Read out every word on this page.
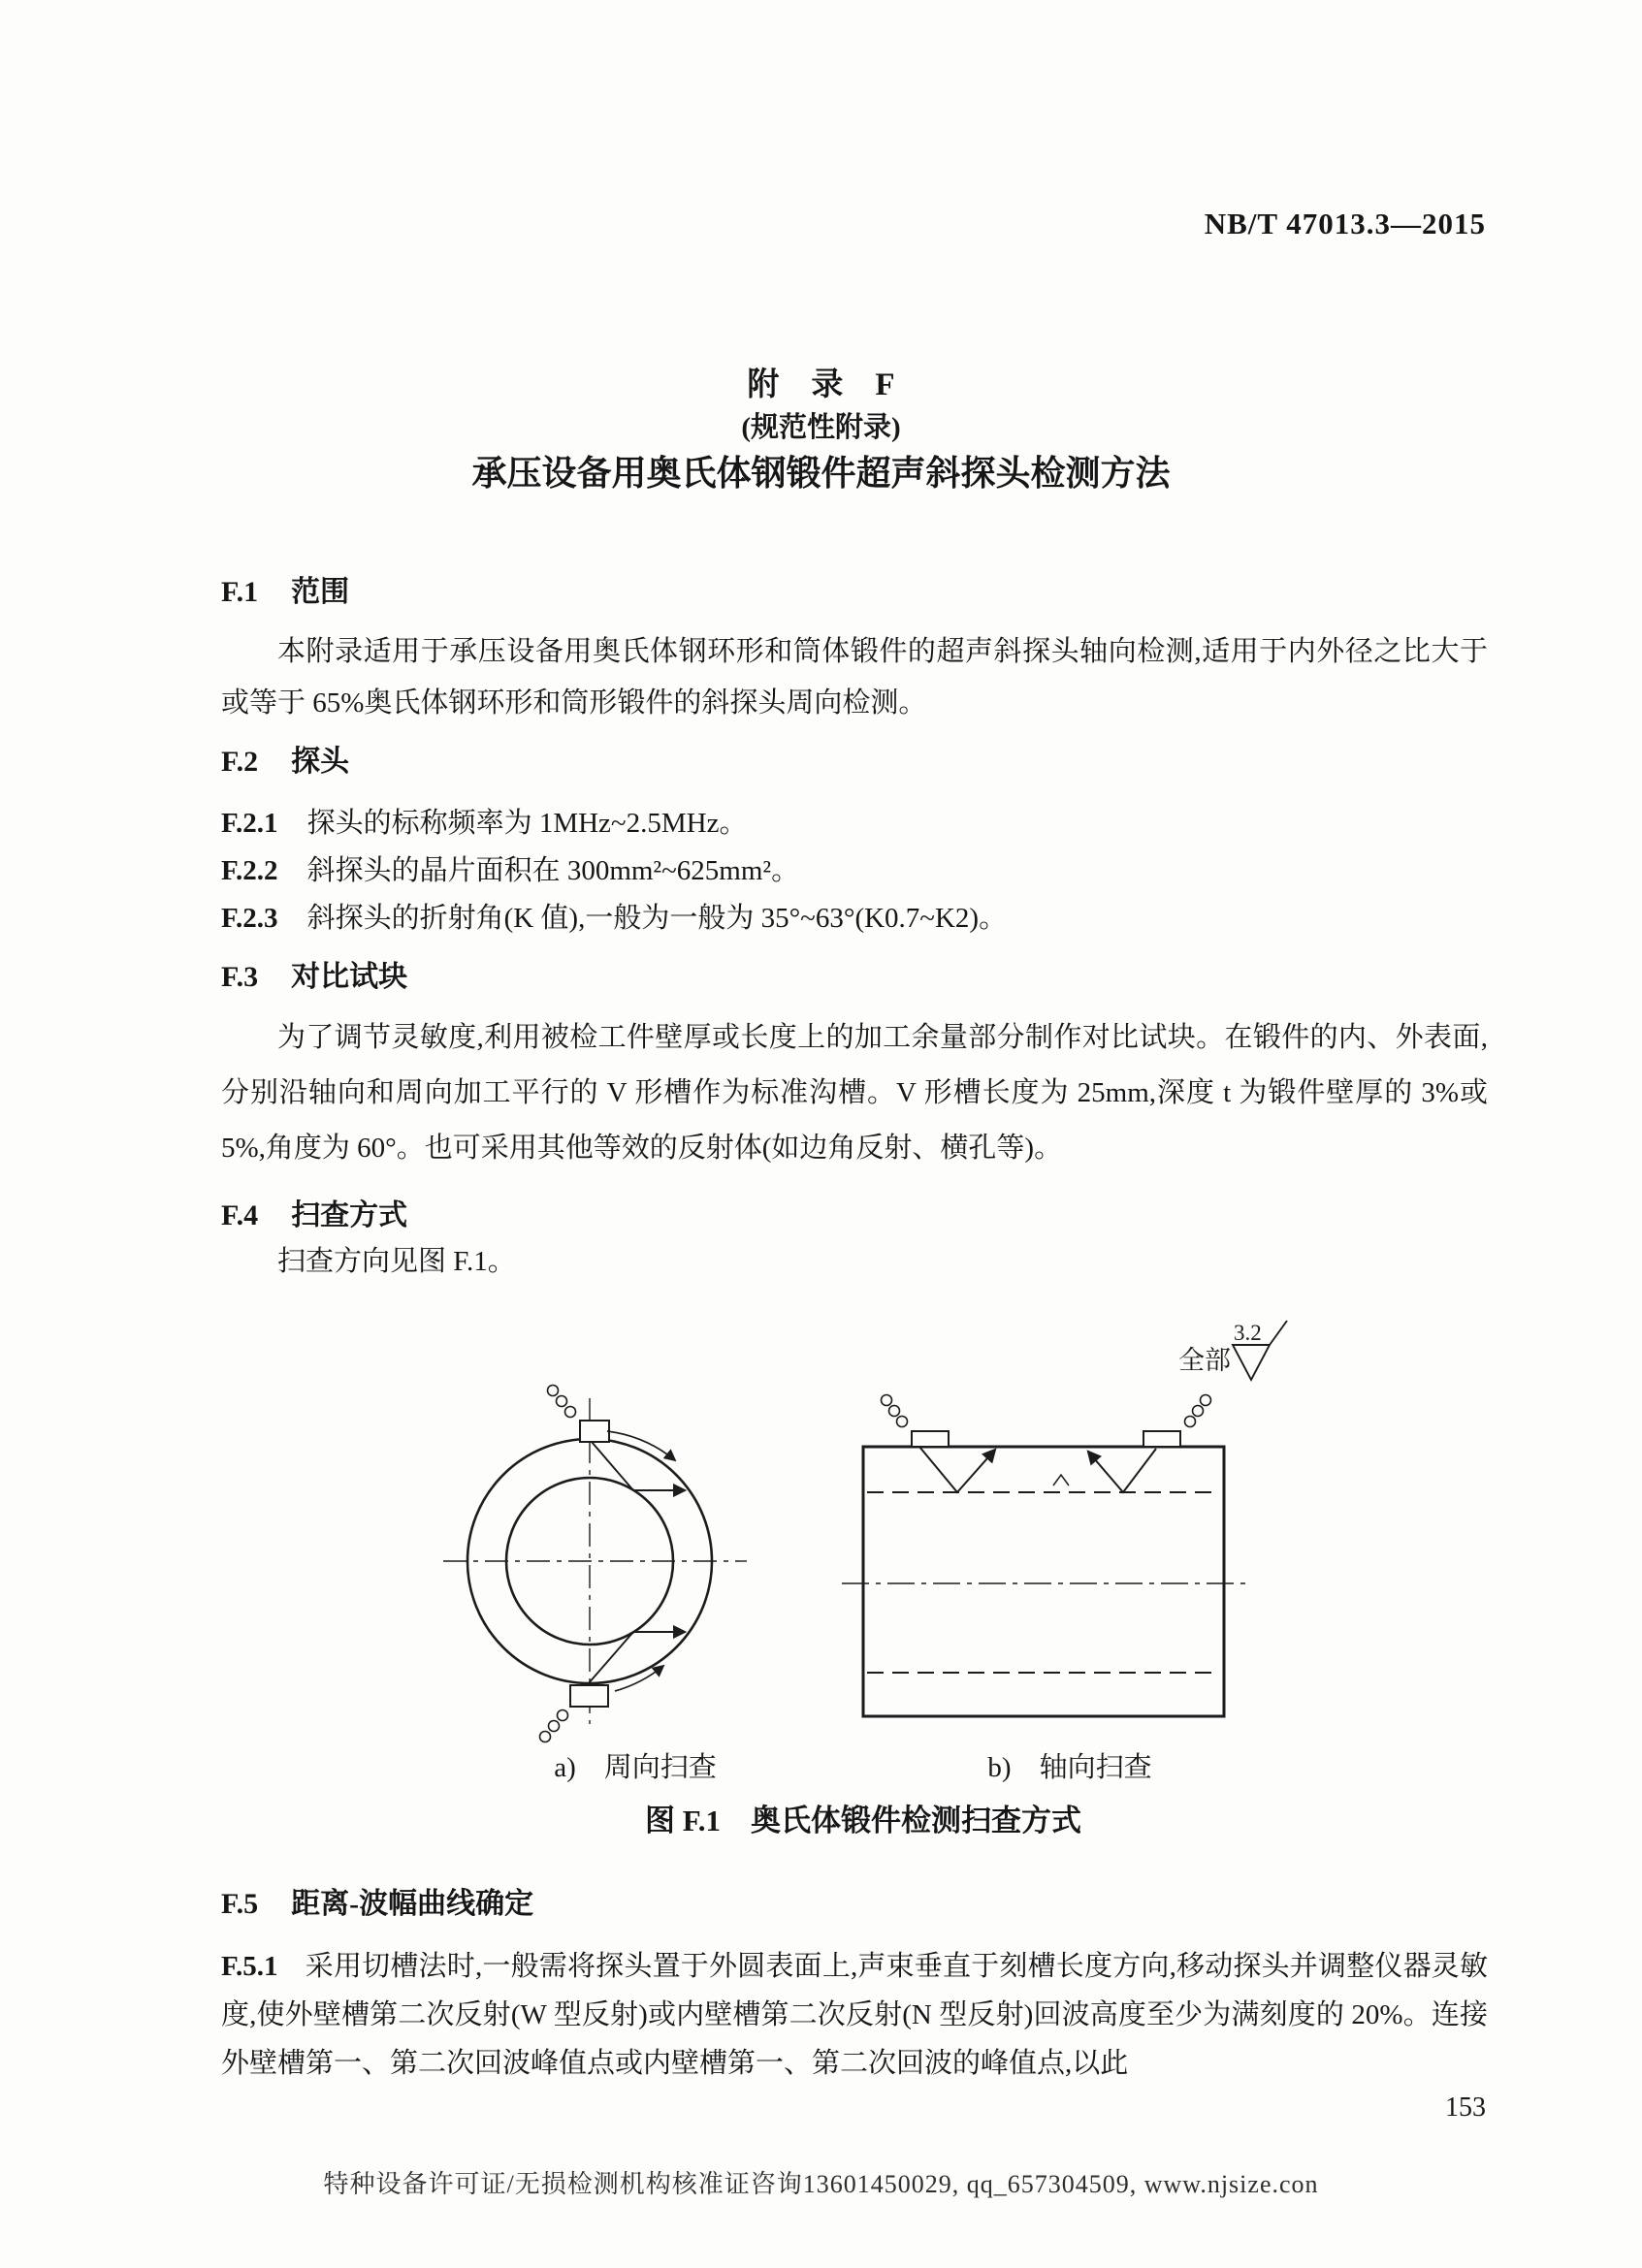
NB/T 47013.3—2015
附　录　F
(规范性附录)
承压设备用奥氏体钢锻件超声斜探头检测方法
F.1 范围
本附录适用于承压设备用奥氏体钢环形和筒体锻件的超声斜探头轴向检测,适用于内外径之比大于或等于 65%奥氏体钢环形和筒形锻件的斜探头周向检测。
F.2 探头
F.2.1 探头的标称频率为 1MHz~2.5MHz。
F.2.2 斜探头的晶片面积在 300mm²~625mm²。
F.2.3 斜探头的折射角(K 值),一般为一般为 35°~63°(K0.7~K2)。
F.3 对比试块
为了调节灵敏度,利用被检工件壁厚或长度上的加工余量部分制作对比试块。在锻件的内、外表面,分别沿轴向和周向加工平行的 V 形槽作为标准沟槽。V 形槽长度为 25mm,深度 t 为锻件壁厚的 3%或 5%,角度为 60°。也可采用其他等效的反射体(如边角反射、横孔等)。
F.4 扫查方式
扫查方向见图 F.1。
全部
3.2
a)　周向扫查	b)　轴向扫查
图 F.1　奥氏体锻件检测扫查方式
F.5 距离-波幅曲线确定
F.5.1 采用切槽法时,一般需将探头置于外圆表面上,声束垂直于刻槽长度方向,移动探头并调整仪器灵敏度,使外壁槽第二次反射(W 型反射)或内壁槽第二次反射(N 型反射)回波高度至少为满刻度的 20%。连接外壁槽第一、第二次回波峰值点或内壁槽第一、第二次回波的峰值点,以此
153
特种设备许可证/无损检测机构核准证咨询13601450029, qq_657304509, www.njsize.con
